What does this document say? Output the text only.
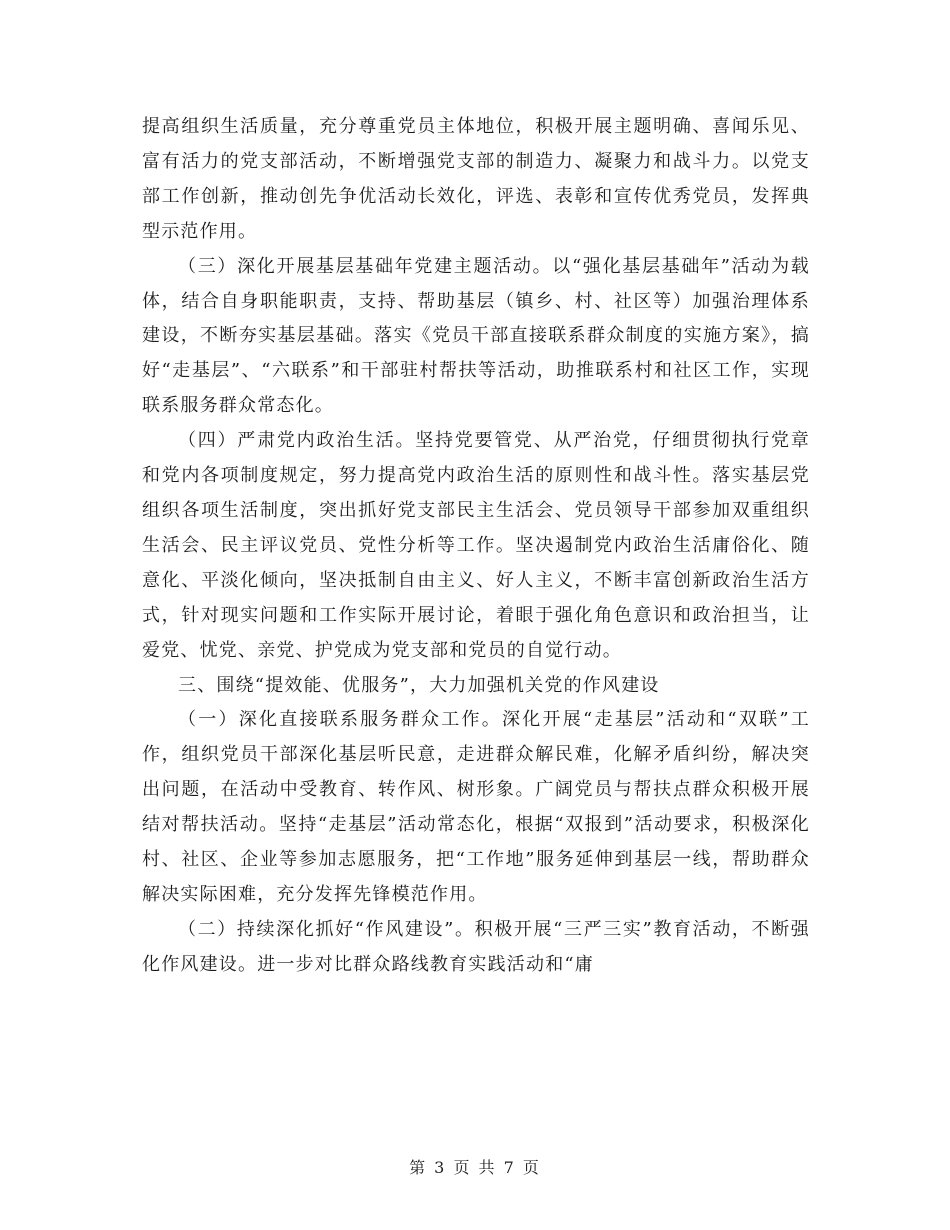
提高组织生活质量，充分尊重党员主体地位，积极开展主题明确、喜闻乐见、富有活力的党支部活动，不断增强党支部的制造力、凝聚力和战斗力。以党支部工作创新，推动创先争优活动长效化，评选、表彰和宣传优秀党员，发挥典型示范作用。

（三）深化开展基层基础年党建主题活动。以“强化基层基础年”活动为载体，结合自身职能职责，支持、帮助基层（镇乡、村、社区等）加强治理体系建设，不断夯实基层基础。落实《党员干部直接联系群众制度的实施方案》，搞好“走基层”、“六联系”和干部驻村帮扶等活动，助推联系村和社区工作，实现联系服务群众常态化。

（四）严肃党内政治生活。坚持党要管党、从严治党，仔细贯彻执行党章和党内各项制度规定，努力提高党内政治生活的原则性和战斗性。落实基层党组织各项生活制度，突出抓好党支部民主生活会、党员领导干部参加双重组织生活会、民主评议党员、党性分析等工作。坚决遏制党内政治生活庸俗化、随意化、平淡化倾向，坚决抵制自由主义、好人主义，不断丰富创新政治生活方式，针对现实问题和工作实际开展讨论，着眼于强化角色意识和政治担当，让爱党、忧党、亲党、护党成为党支部和党员的自觉行动。

三、围绕“提效能、优服务”，大力加强机关党的作风建设

（一）深化直接联系服务群众工作。深化开展“走基层”活动和“双联”工作，组织党员干部深化基层听民意，走进群众解民难，化解矛盾纠纷，解决突出问题，在活动中受教育、转作风、树形象。广阔党员与帮扶点群众积极开展结对帮扶活动。坚持“走基层”活动常态化，根据“双报到”活动要求，积极深化村、社区、企业等参加志愿服务，把“工作地”服务延伸到基层一线，帮助群众解决实际困难，充分发挥先锋模范作用。

（二）持续深化抓好“作风建设”。积极开展“三严三实”教育活动，不断强化作风建设。进一步对比群众路线教育实践活动和“庸

第 3 页 共 7 页
